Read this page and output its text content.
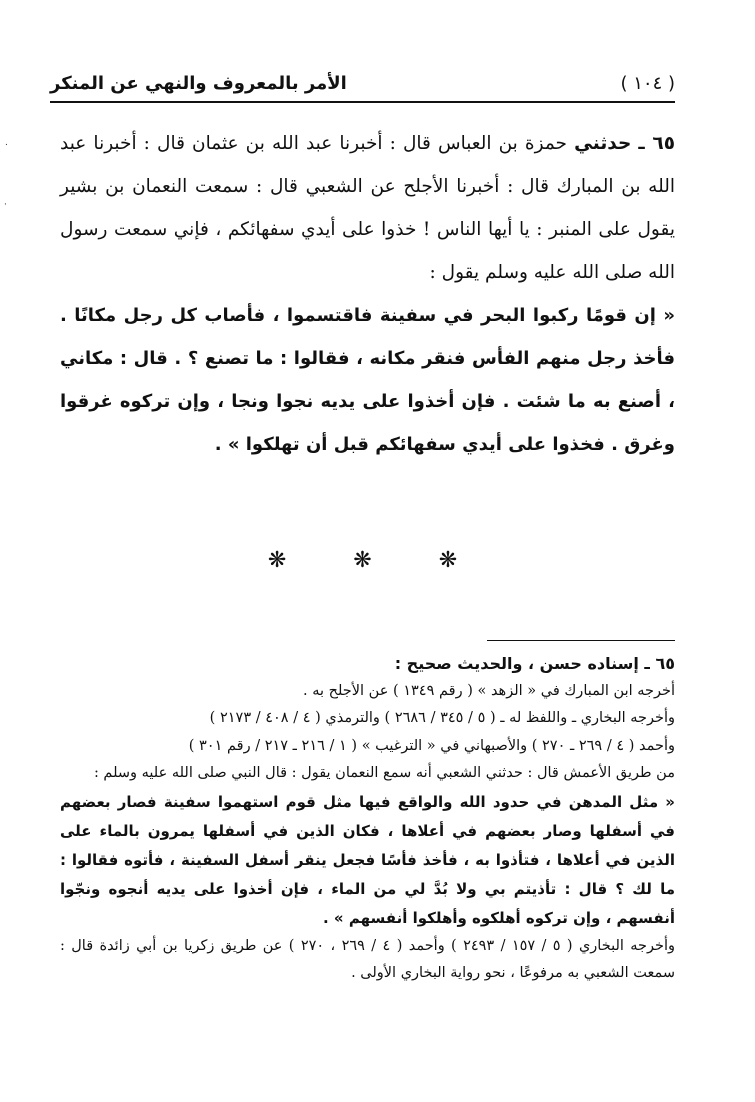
( ١٠٤ )
الأمر بالمعروف والنهي عن المنكر

٦٥ ـ حدثني حمزة بن العباس قال : أخبرنا عبد الله بن عثمان قال : أخبرنا عبد الله بن المبارك قال : أخبرنا الأجلح عن الشعبي قال : سمعت النعمان بن بشير يقول على المنبر : يا أيها الناس ! خذوا على أيدي سفهائكم ، فإني سمعت رسول الله صلى الله عليه وسلم يقول :

« إن قومًا ركبوا البحر في سفينة فاقتسموا ، فأصاب كل رجل مكانًا . فأخذ رجل منهم الفأس فنقر مكانه ، فقالوا : ما تصنع ؟ . قال : مكاني ، أصنع به ما شئت . فإن أخذوا على يديه نجوا ونجا ، وإن تركوه غرقوا وغرق . فخذوا على أيدي سفهائكم قبل أن تهلكوا » .

❋ ❋ ❋

٦٥ ـ إسناده حسن ، والحديث صحيح :

أخرجه ابن المبارك في « الزهد » ( رقم ١٣٤٩ ) عن الأجلح به .

وأخرجه البخاري ـ واللفظ له ـ ( ٥ / ٣٤٥ / ٢٦٨٦ ) والترمذي ( ٤ / ٤٠٨ / ٢١٧٣ )

وأحمد ( ٤ / ٢٦٩ ـ ٢٧٠ ) والأصبهاني في « الترغيب » ( ١ / ٢١٦ ـ ٢١٧ / رقم ٣٠١ )

من طريق الأعمش قال : حدثني الشعبي أنه سمع النعمان يقول : قال النبي صلى الله عليه وسلم :

« مثل المدهن في حدود الله والواقع فيها مثل قوم استهموا سفينة فصار بعضهم في أسفلها وصار بعضهم في أعلاها ، فكان الذين في أسفلها يمرون بالماء على الذين في أعلاها ، فتأذوا به ، فأخذ فأسًا فجعل ينقر أسفل السفينة ، فأتوه فقالوا : ما لك ؟ قال : تأذيتم بي ولا بُدَّ لي من الماء ، فإن أخذوا على يديه أنجوه ونجّوا أنفسهم ، وإن تركوه أهلكوه وأهلكوا أنفسهم » .

وأخرجه البخاري ( ٥ / ١٥٧ / ٢٤٩٣ ) وأحمد ( ٤ / ٢٦٩ ، ٢٧٠ ) عن طريق زكريا بن أبي زائدة قال : سمعت الشعبي به مرفوعًا ، نحو رواية البخاري الأولى .

٠
·
